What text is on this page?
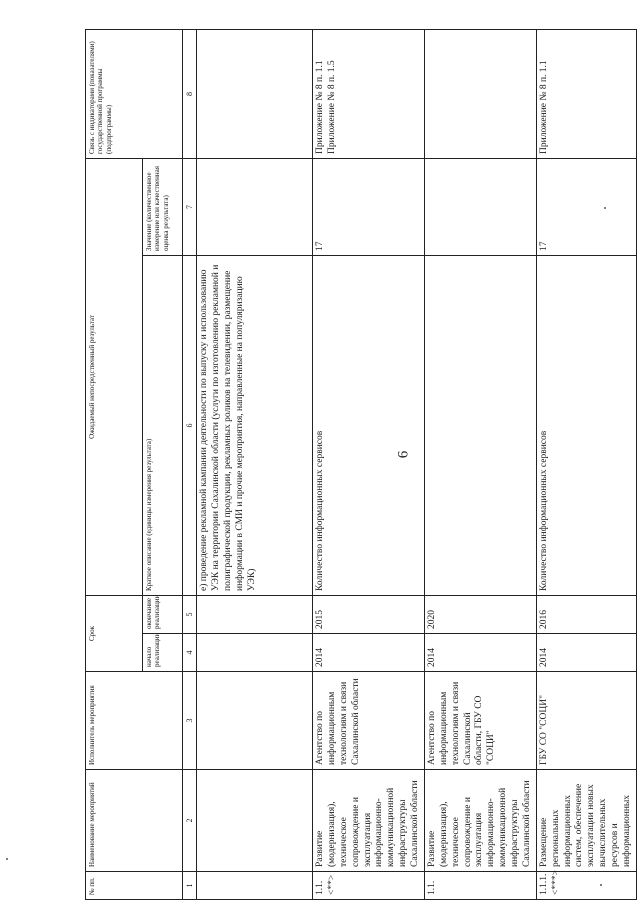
6
№ пп.	Наименование мероприятий	Исполнитель мероприятия	Срок		Ожидаемый непосредственный результат		Связь с индикаторами (показателями) государственной программы (подпрограммы)
			начало реализации	окончание реализации	Краткое описание (единицы измерения результата)	Значение (количественное измерение или качественная оценка результата)	
1	2	3	4	5	6	7	8
					е) проведение рекламной кампании деятельности по выпуску и использованию УЭК на территории Сахалинской области (услуги по изготовлению рекламной и полиграфической продукции, рекламных роликов на телевидении, размещение информации в СМИ и прочие мероприятия, направленные на популяризацию УЭК)		
1.1. <**>	Развитие (модернизация), техническое сопровождение и эксплуатация информационно-коммуникационной инфраструктуры Сахалинской области	Агентство по информационным технологиям и связи Сахалинской области	2014	2015	Количество информационных сервисов	17	Приложение № 8 п. 1.1 Приложение № 8 п. 1.5
1.1.	Развитие (модернизация), техническое сопровождение и эксплуатация информационно-коммуникационной инфраструктуры Сахалинской области	Агентство по информационным технологиям и связи Сахалинской области, ГБУ СО "СОЦИ"	2014	2020			
1.1.1. <***>	Размещение региональных информационных систем, обеспечение эксплуатации новых вычислительных ресурсов и информационных	ГБУ СО "СОЦИ"	2014	2016	Количество информационных сервисов	17	Приложение № 8 п. 1.1
